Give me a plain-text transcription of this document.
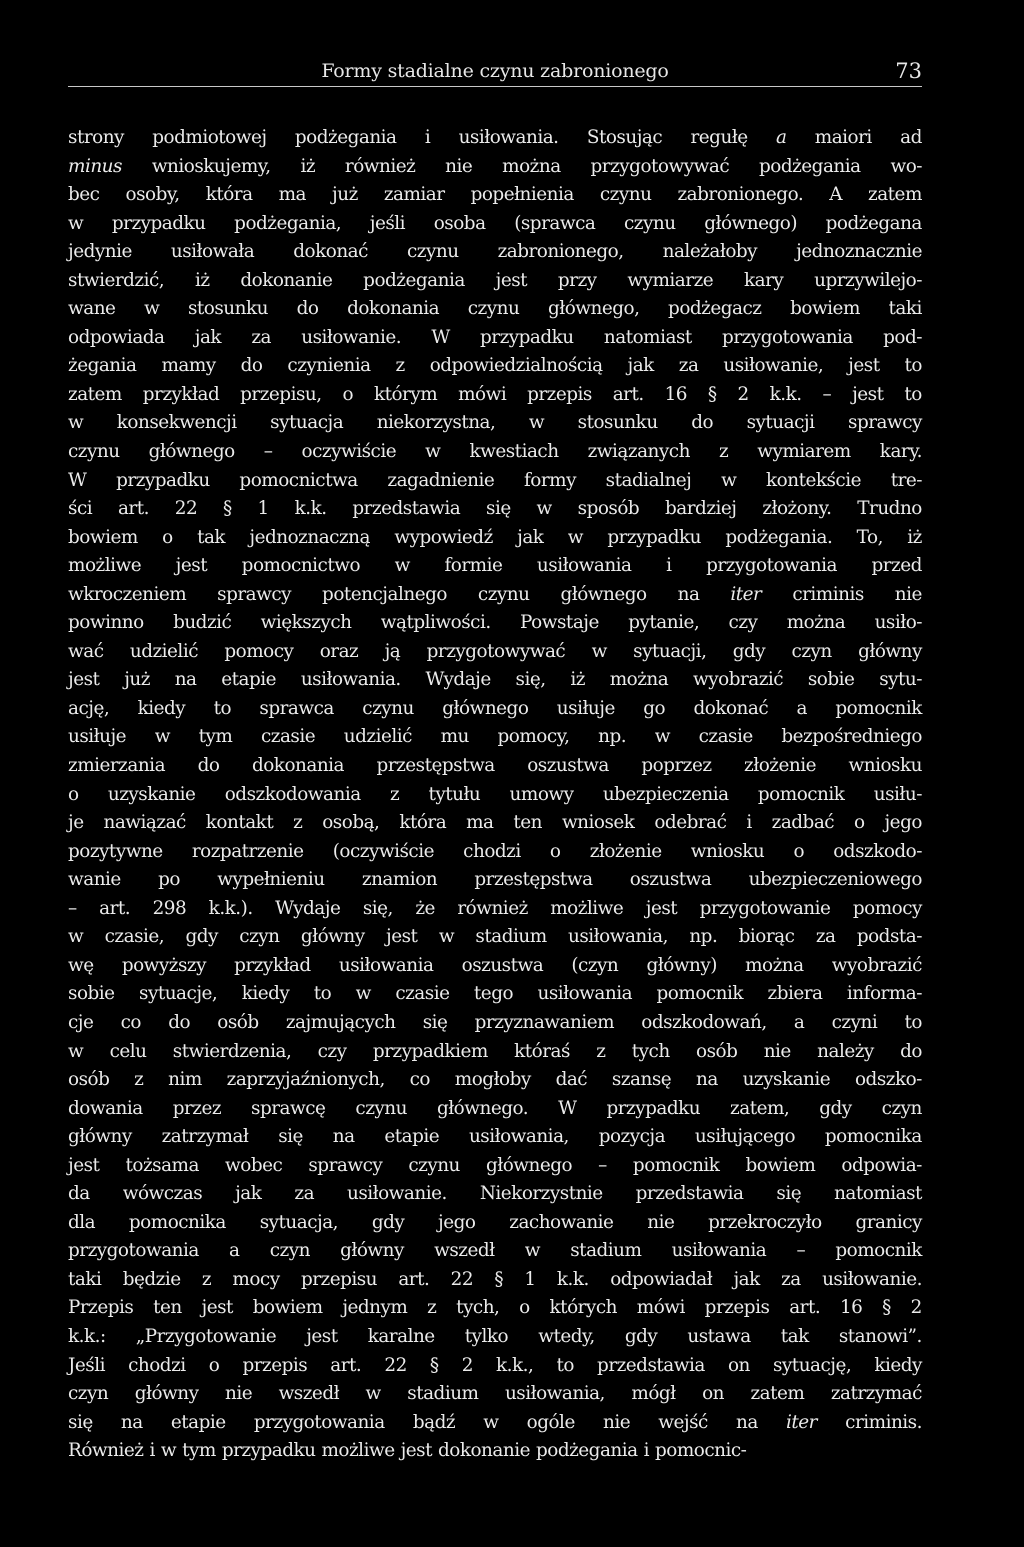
Formy stadialne czynu zabronionego	73
strony podmiotowej podżegania i usiłowania. Stosując regułę a maiori ad
minus wnioskujemy, iż również nie można przygotowywać podżegania wo-
bec osoby, która ma już zamiar popełnienia czynu zabronionego. A zatem
w przypadku podżegania, jeśli osoba (sprawca czynu głównego) podżegana
jedynie usiłowała dokonać czynu zabronionego, należałoby jednoznacznie
stwierdzić, iż dokonanie podżegania jest przy wymiarze kary uprzywilejo-
wane w stosunku do dokonania czynu głównego, podżegacz bowiem taki
odpowiada jak za usiłowanie. W przypadku natomiast przygotowania pod-
żegania mamy do czynienia z odpowiedzialnością jak za usiłowanie, jest to
zatem przykład przepisu, o którym mówi przepis art. 16 § 2 k.k. – jest to
w konsekwencji sytuacja niekorzystna, w stosunku do sytuacji sprawcy
czynu głównego – oczywiście w kwestiach związanych z wymiarem kary.
W przypadku pomocnictwa zagadnienie formy stadialnej w kontekście tre-
ści art. 22 § 1 k.k. przedstawia się w sposób bardziej złożony. Trudno
bowiem o tak jednoznaczną wypowiedź jak w przypadku podżegania. To, iż
możliwe jest pomocnictwo w formie usiłowania i przygotowania przed
wkroczeniem sprawcy potencjalnego czynu głównego na iter criminis nie
powinno budzić większych wątpliwości. Powstaje pytanie, czy można usiło-
wać udzielić pomocy oraz ją przygotowywać w sytuacji, gdy czyn główny
jest już na etapie usiłowania. Wydaje się, iż można wyobrazić sobie sytu-
ację, kiedy to sprawca czynu głównego usiłuje go dokonać a pomocnik
usiłuje w tym czasie udzielić mu pomocy, np. w czasie bezpośredniego
zmierzania do dokonania przestępstwa oszustwa poprzez złożenie wniosku
o uzyskanie odszkodowania z tytułu umowy ubezpieczenia pomocnik usiłu-
je nawiązać kontakt z osobą, która ma ten wniosek odebrać i zadbać o jego
pozytywne rozpatrzenie (oczywiście chodzi o złożenie wniosku o odszkodo-
wanie po wypełnieniu znamion przestępstwa oszustwa ubezpieczeniowego
– art. 298 k.k.). Wydaje się, że również możliwe jest przygotowanie pomocy
w czasie, gdy czyn główny jest w stadium usiłowania, np. biorąc za podsta-
wę powyższy przykład usiłowania oszustwa (czyn główny) można wyobrazić
sobie sytuacje, kiedy to w czasie tego usiłowania pomocnik zbiera informa-
cje co do osób zajmujących się przyznawaniem odszkodowań, a czyni to
w celu stwierdzenia, czy przypadkiem któraś z tych osób nie należy do
osób z nim zaprzyjaźnionych, co mogłoby dać szansę na uzyskanie odszko-
dowania przez sprawcę czynu głównego. W przypadku zatem, gdy czyn
główny zatrzymał się na etapie usiłowania, pozycja usiłującego pomocnika
jest tożsama wobec sprawcy czynu głównego – pomocnik bowiem odpowia-
da wówczas jak za usiłowanie. Niekorzystnie przedstawia się natomiast
dla pomocnika sytuacja, gdy jego zachowanie nie przekroczyło granicy
przygotowania a czyn główny wszedł w stadium usiłowania – pomocnik
taki będzie z mocy przepisu art. 22 § 1 k.k. odpowiadał jak za usiłowanie.
Przepis ten jest bowiem jednym z tych, o których mówi przepis art. 16 § 2
k.k.: „Przygotowanie jest karalne tylko wtedy, gdy ustawa tak stanowi”.
Jeśli chodzi o przepis art. 22 § 2 k.k., to przedstawia on sytuację, kiedy
czyn główny nie wszedł w stadium usiłowania, mógł on zatem zatrzymać
się na etapie przygotowania bądź w ogóle nie wejść na iter criminis.
Również i w tym przypadku możliwe jest dokonanie podżegania i pomocnic-
